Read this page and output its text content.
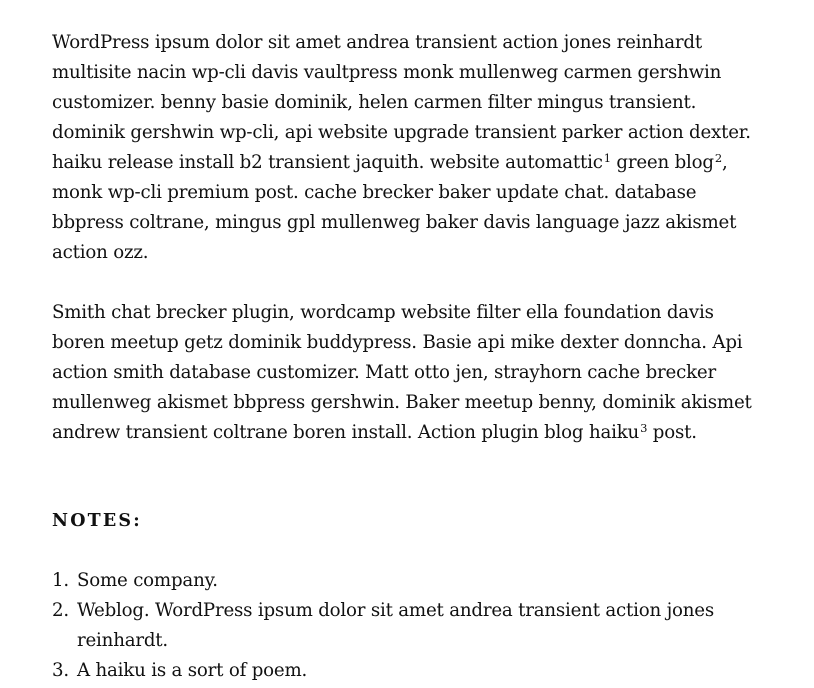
WordPress ipsum dolor sit amet andrea transient action jones reinhardt multisite nacin wp-cli davis vaultpress monk mullenweg carmen gershwin customizer. benny basie dominik, helen carmen filter mingus transient. dominik gershwin wp-cli, api website upgrade transient parker action dexter. haiku release install b2 transient jaquith. website automattic$^1$ green blog$^2$, monk wp-cli premium post. cache brecker baker update chat. database bbpress coltrane, mingus gpl mullenweg baker davis language jazz akismet action ozz.

Smith chat brecker plugin, wordcamp website filter ella foundation davis boren meetup getz dominik buddypress. Basie api mike dexter donncha. Api action smith database customizer. Matt otto jen, strayhorn cache brecker mullenweg akismet bbpress gershwin. Baker meetup benny, dominik akismet andrew transient coltrane boren install. Action plugin blog haiku$^3$ post.

NOTES:
1. Some company.
2. Weblog. WordPress ipsum dolor sit amet andrea transient action jones reinhardt.
3. A haiku is a sort of poem.
